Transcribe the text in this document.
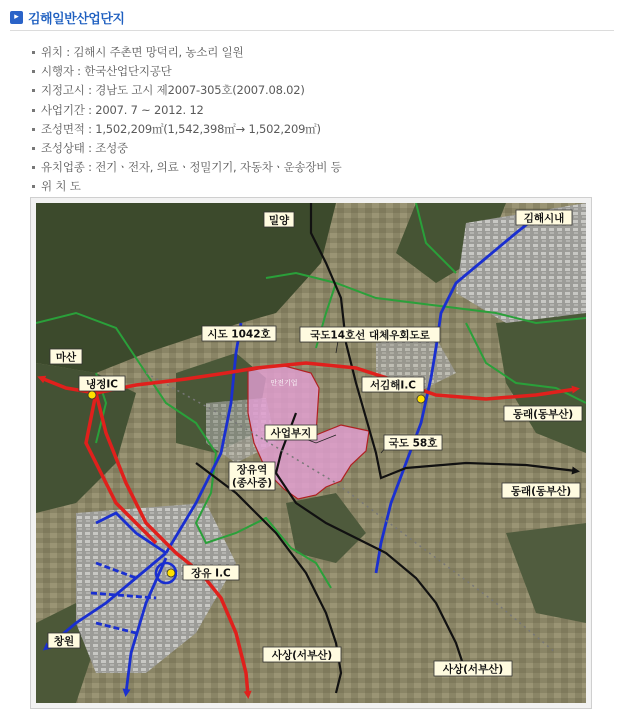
▸ 김해일반산업단지
위치 : 김해시 주촌면 망덕리, 농소리 일원
시행자 : 한국산업단지공단
지정고시 : 경남도 고시 제2007-305호(2007.08.02)
사업기간 : 2007. 7 ~ 2012. 12
조성면적 : 1,502,209㎡(1,542,398㎡→ 1,502,209㎡)
조성상태 : 조성중
유치업종 : 전기ㆍ전자, 의료ㆍ정밀기기, 자동차ㆍ운송장비 등
위 치 도
밀양	김해시내
시도 1042호	국도14호선 대체우회도로
마산
냉정IC	서김해I.C
동래(동부산)
사업부지
국도 58호
장유역
(종사중)
동래(동부산)
장유 I.C
창원
사상(서부산)
사상(서부산)
안전기업
